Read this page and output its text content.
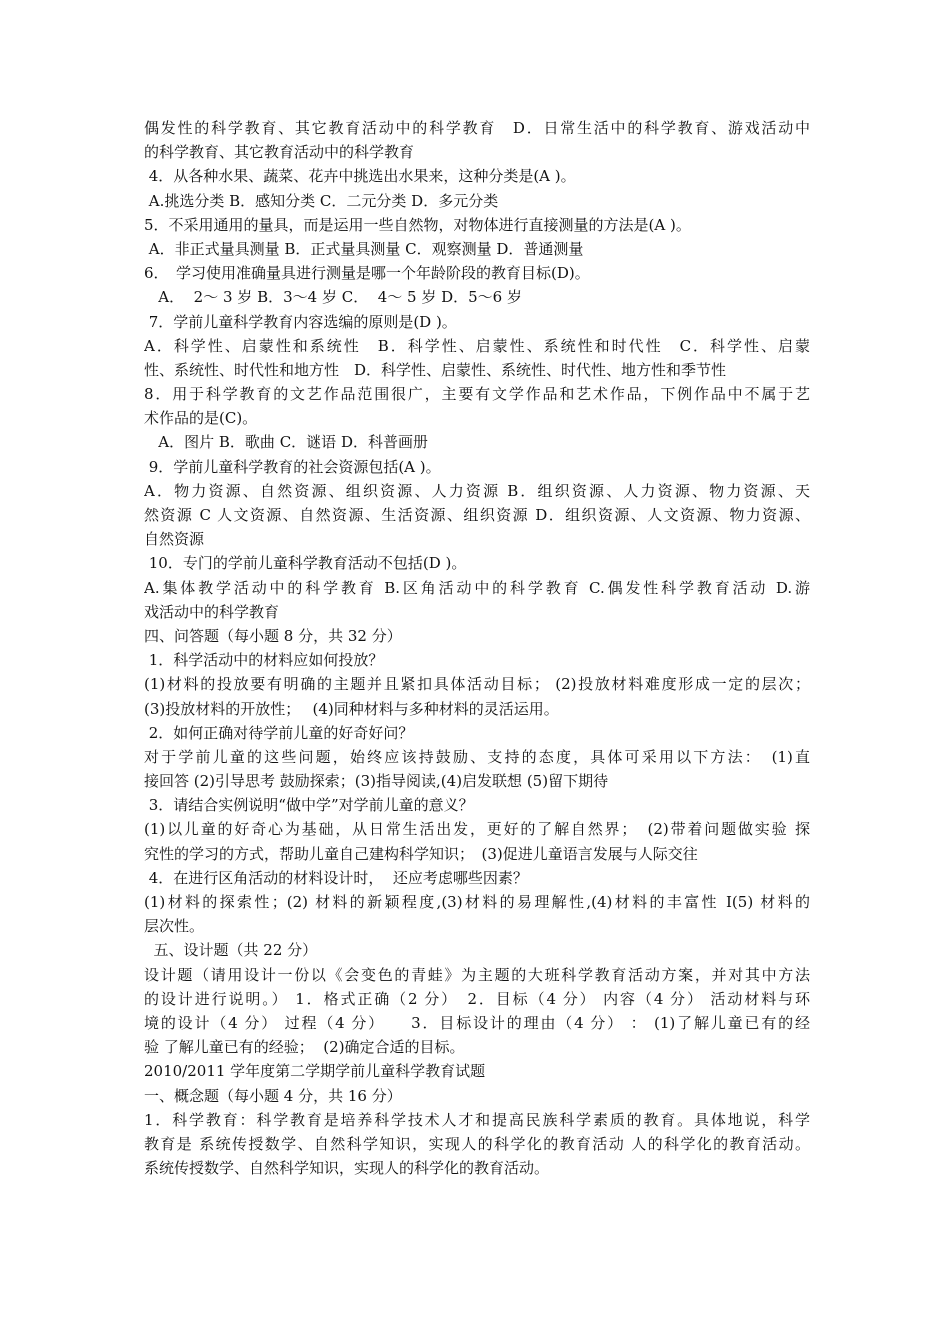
偶发性的科学教育、其它教育活动中的科学教育　D．日常生活中的科学教育、游戏活动中
的科学教育、其它教育活动中的科学教育
4．从各种水果、蔬菜、花卉中挑选出水果来，这种分类是(A )。
A.挑选分类 B．感知分类 C．二元分类 D．多元分类
5．不采用通用的量具，而是运用一些自然物，对物体进行直接测量的方法是(A )。
A．非正式量具测量 B．正式量具测量 C．观察测量 D．普通测量
6．　学习使用准确量具进行测量是哪一个年龄阶段的教育目标(D)。
A．  2～ 3 岁 B．3～4 岁 C．  4～ 5 岁 D．5～6 岁
7．学前儿童科学教育内容选编的原则是(D )。
A．科学性、启蒙性和系统性　B．科学性、启蒙性、系统性和时代性　C．科学性、启蒙
性、系统性、时代性和地方性　D．科学性、启蒙性、系统性、时代性、地方性和季节性
8．用于科学教育的文艺作品范围很广，主要有文学作品和艺术作品，下例作品中不属于艺
术作品的是(C)。
A．图片 B．歌曲 C．谜语 D．科普画册
9．学前儿童科学教育的社会资源包括(A )。
A．物力资源、自然资源、组织资源、人力资源 B．组织资源、人力资源、物力资源、天
然资源 C 人文资源、自然资源、生活资源、组织资源 D．组织资源、人文资源、物力资源、
自然资源
10．专门的学前儿童科学教育活动不包括(D )。
A.集体教学活动中的科学教育 B.区角活动中的科学教育 C.偶发性科学教育活动 D.游
戏活动中的科学教育
四、问答题（每小题 8 分，共 32 分）
1．科学活动中的材料应如何投放？
(1)材料的投放要有明确的主题并且紧扣具体活动目标； (2)投放材料难度形成一定的层次；
(3)投放材料的开放性；　 (4)同种材料与多种材料的灵活运用。
2．如何正确对待学前儿童的好奇好问？
对于学前儿童的这些问题，始终应该持鼓励、支持的态度，具体可采用以下方法：　(1)直
接回答 (2)引导思考 鼓励探索；(3)指导阅读,(4)启发联想 (5)留下期待
3．请结合实例说明“做中学”对学前儿童的意义？
(1)以儿童的好奇心为基础，从日常生活出发，更好的了解自然界；　(2)带着问题做实验 探
究性的学习的方式，帮助儿童自己建构科学知识；　(3)促进儿童语言发展与人际交往
4．在进行区角活动的材料设计时，  还应考虑哪些因素？
(1)材料的探索性；(2) 材料的新颖程度,(3)材料的易理解性,(4)材料的丰富性 I(5) 材料的
层次性。
五、设计题（共 22 分）
设计题（请用设计一份以《会变色的青蛙》为主题的大班科学教育活动方案，并对其中方法
的设计进行说明。） 1．格式正确（2 分）　2．目标（4 分） 内容（4 分） 活动材料与环
境的设计（4 分） 过程（4 分）　　3．目标设计的理由（4 分） ： (1)了解儿童已有的经
验 了解儿童已有的经验；  (2)确定合适的目标。
2010/2011 学年度第二学期学前儿童科学教育试题
一、概念题（每小题 4 分，共 16 分）
1．科学教育：科学教育是培养科学技术人才和提高民族科学素质的教育。具体地说，科学
教育是 系统传授数学、自然科学知识，实现人的科学化的教育活动 人的科学化的教育活动。
系统传授数学、自然科学知识，实现人的科学化的教育活动。
